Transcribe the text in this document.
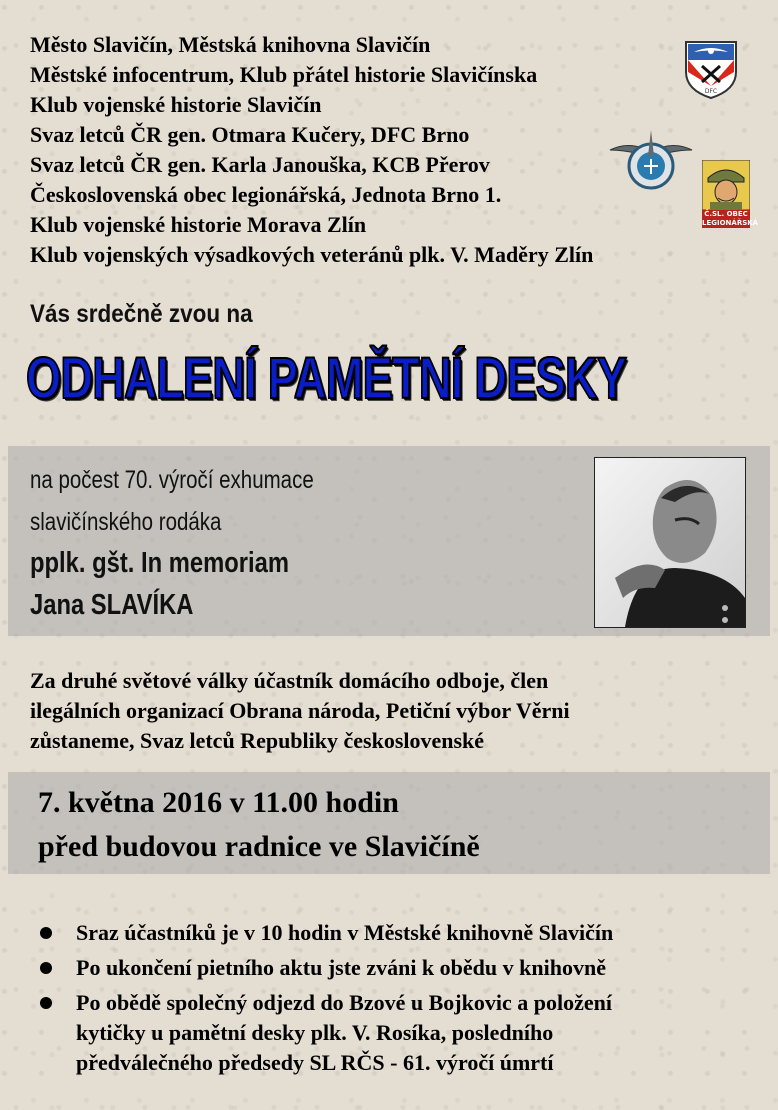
Město Slavičín, Městská knihovna Slavičín
Městské infocentrum, Klub přátel historie Slavičínska
Klub vojenské historie Slavičín
Svaz letců ČR gen. Otmara Kučery, DFC Brno
Svaz letců ČR gen. Karla Janouška, KCB Přerov
Československá obec legionářská, Jednota Brno 1.
Klub vojenské historie Morava Zlín
Klub vojenských výsadkových veteránů plk. V. Maděry Zlín
DFC
Č.SL. OBEC
LEGIONÁŘSKÁ
Vás srdečně zvou na
ODHALENÍ PAMĚTNÍ DESKY
na počest 70. výročí exhumace
slavičínského rodáka
pplk. gšt. In memoriam
Jana SLAVÍKA
Za druhé světové války účastník domácího odboje, člen
ilegálních organizací Obrana národa, Petiční výbor Věrni
zůstaneme, Svaz letců Republiky československé
7. května 2016 v 11.00 hodin
před budovou radnice ve Slavičíně
Sraz účastníků je v 10 hodin v Městské knihovně Slavičín
Po ukončení pietního aktu jste zváni k obědu v knihovně
Po obědě společný odjezd do Bzové u Bojkovic a položení
kytičky u pamětní desky plk. V. Rosíka, posledního
předválečného předsedy SL RČS - 61. výročí úmrtí
